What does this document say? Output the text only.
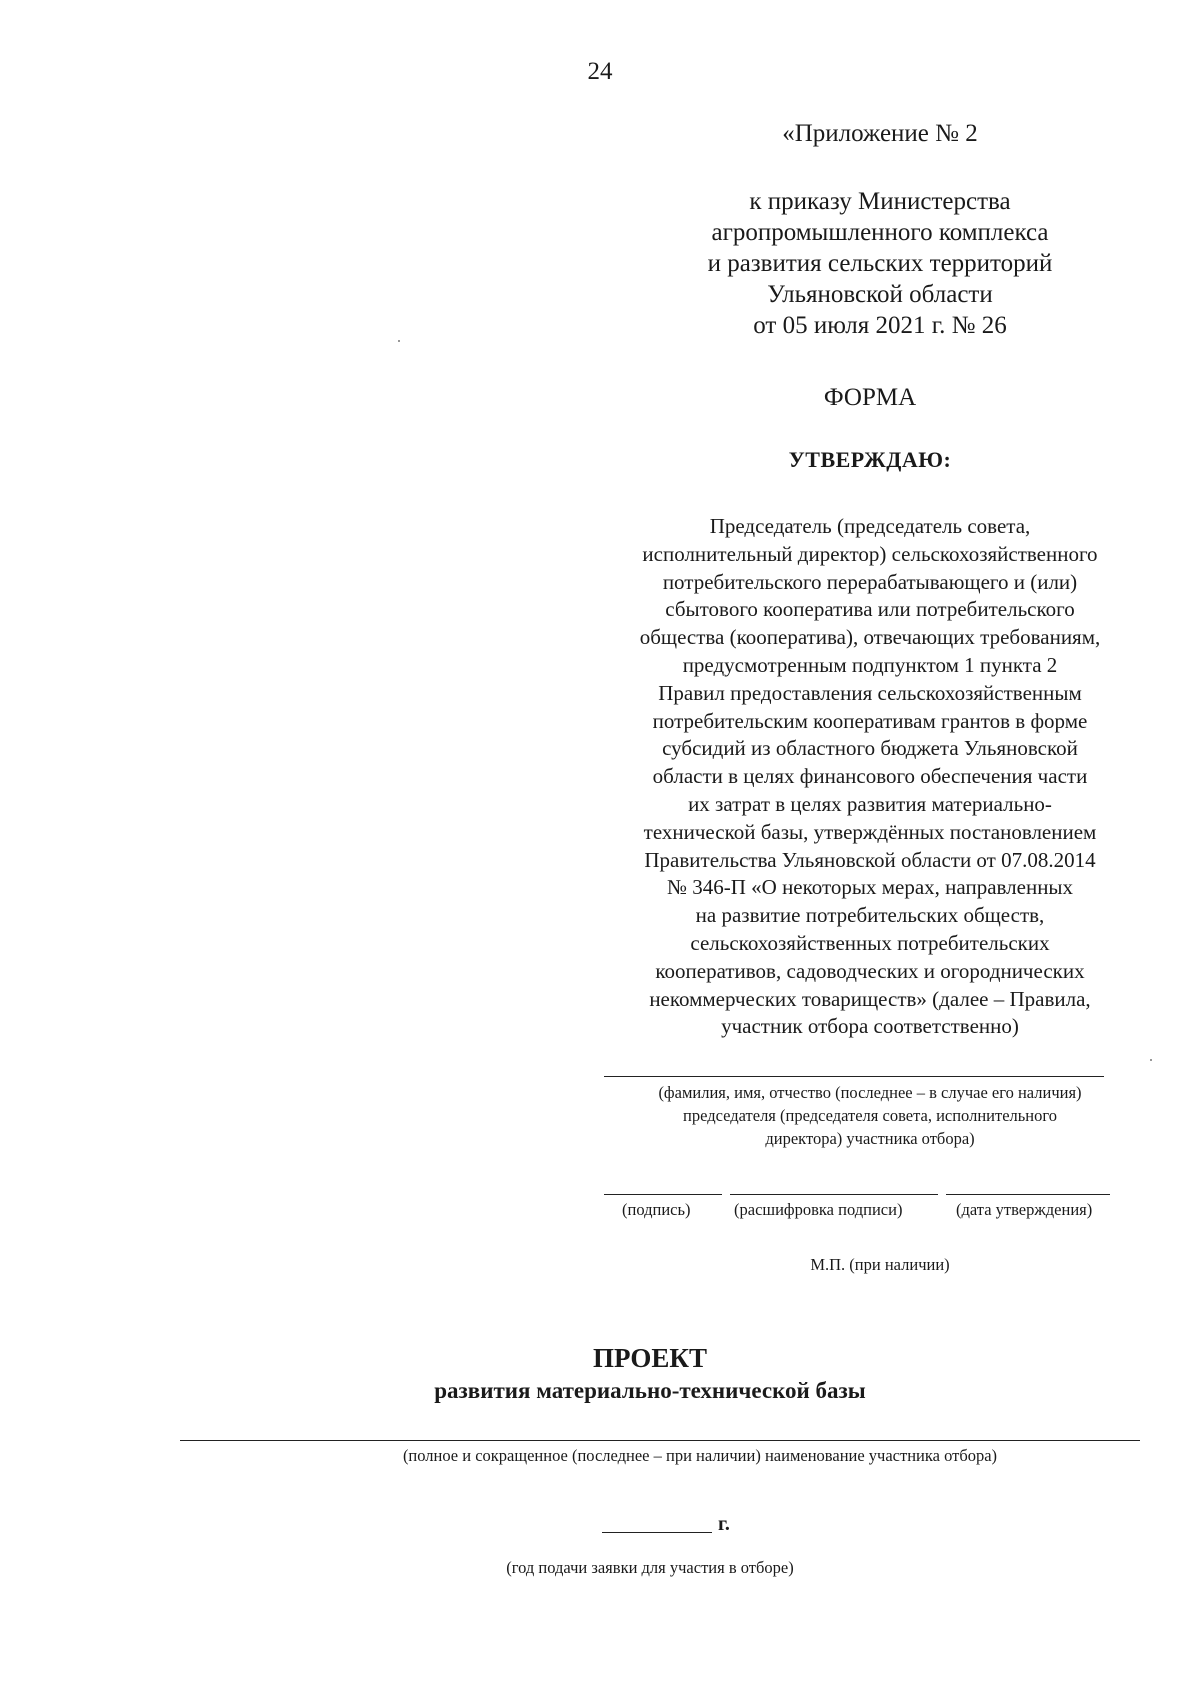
24
«Приложение № 2
к приказу Министерства
агропромышленного комплекса
и развития сельских территорий
Ульяновской области
от 05 июля 2021 г. № 26
ФОРМА
УТВЕРЖДАЮ:
Председатель (председатель совета,
исполнительный директор) сельскохозяйственного
потребительского перерабатывающего и (или)
сбытового кооператива или потребительского
общества (кооператива), отвечающих требованиям,
предусмотренным подпунктом 1 пункта 2
Правил предоставления сельскохозяйственным
потребительским кооперативам грантов в форме
субсидий из областного бюджета Ульяновской
области в целях финансового обеспечения части
их затрат в целях развития материально-
технической базы, утверждённых постановлением
Правительства Ульяновской области от 07.08.2014
№ 346-П «О некоторых мерах, направленных
на развитие потребительских обществ,
сельскохозяйственных потребительских
кооперативов, садоводческих и огороднических
некоммерческих товариществ» (далее – Правила,
участник отбора соответственно)
(фамилия, имя, отчество (последнее – в случае его наличия)
председателя (председателя совета, исполнительного
директора) участника отбора)
(подпись)	(расшифровка подписи)	(дата утверждения)
М.П. (при наличии)
ПРОЕКТ
развития материально-технической базы
(полное и сокращенное (последнее – при наличии) наименование участника отбора)
г.
(год подачи заявки для участия в отборе)
